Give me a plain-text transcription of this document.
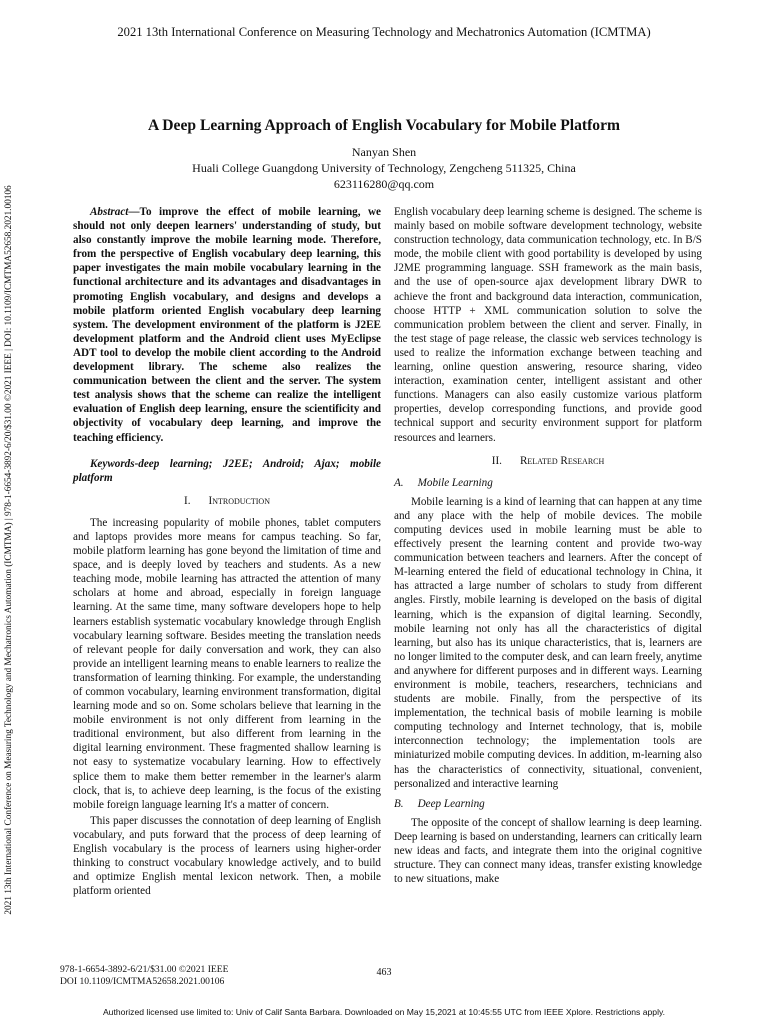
2021 13th International Conference on Measuring Technology and Mechatronics Automation (ICMTMA)
2021 13th International Conference on Measuring Technology and Mechatronics Automation (ICMTMA) | 978-1-6654-3892-6/20/$31.00 ©2021 IEEE | DOI: 10.1109/ICMTMA52658.2021.00106
A Deep Learning Approach of English Vocabulary for Mobile Platform
Nanyan Shen
Huali College Guangdong University of Technology, Zengcheng 511325, China
623116280@qq.com

Abstract—To improve the effect of mobile learning, we should not only deepen learners' understanding of study, but also constantly improve the mobile learning mode. Therefore, from the perspective of English vocabulary deep learning, this paper investigates the main mobile vocabulary learning in the functional architecture and its advantages and disadvantages in promoting English vocabulary, and designs and develops a mobile platform oriented English vocabulary deep learning system. The development environment of the platform is J2EE development platform and the Android client uses MyEclipse ADT tool to develop the mobile client according to the Android development library. The scheme also realizes the communication between the client and the server. The system test analysis shows that the scheme can realize the intelligent evaluation of English deep learning, ensure the scientificity and objectivity of vocabulary deep learning, and improve the teaching efficiency.

Keywords-deep learning; J2EE; Android; Ajax; mobile platform

I. Introduction

The increasing popularity of mobile phones, tablet computers and laptops provides more means for campus teaching. So far, mobile platform learning has gone beyond the limitation of time and space, and is deeply loved by teachers and students. As a new teaching mode, mobile learning has attracted the attention of many scholars at home and abroad, especially in foreign language learning. At the same time, many software developers hope to help learners establish systematic vocabulary knowledge through English vocabulary learning software. Besides meeting the translation needs of relevant people for daily conversation and work, they can also provide an intelligent learning means to enable learners to realize the transformation of learning thinking. For example, the understanding of common vocabulary, learning environment transformation, digital learning mode and so on. Some scholars believe that learning in the mobile environment is not only different from learning in the traditional environment, but also different from learning in the digital learning environment. These fragmented shallow learning is not easy to systematize vocabulary learning. How to effectively splice them to make them better remember in the learner's alarm clock, that is, to achieve deep learning, is the focus of the existing mobile foreign language learning It's a matter of concern.

This paper discusses the connotation of deep learning of English vocabulary, and puts forward that the process of deep learning of English vocabulary is the process of learners using higher-order thinking to construct vocabulary knowledge actively, and to build and optimize English mental lexicon network. Then, a mobile platform oriented

English vocabulary deep learning scheme is designed. The scheme is mainly based on mobile software development technology, website construction technology, data communication technology, etc. In B/S mode, the mobile client with good portability is developed by using J2ME programming language. SSH framework as the main basis, and the use of open-source ajax development library DWR to achieve the front and background data interaction, communication, choose HTTP + XML communication solution to solve the communication problem between the client and server. Finally, in the test stage of page release, the classic web services technology is used to realize the information exchange between teaching and learning, online question answering, resource sharing, video interaction, examination center, intelligent assistant and other functions. Managers can also easily customize various platform properties, develop corresponding functions, and provide good technical support and security environment support for platform resources and learners.

II. Related Research

A. Mobile Learning

Mobile learning is a kind of learning that can happen at any time and any place with the help of mobile devices. The mobile computing devices used in mobile learning must be able to effectively present the learning content and provide two-way communication between teachers and learners. After the concept of M-learning entered the field of educational technology in China, it has attracted a large number of scholars to study from different angles. Firstly, mobile learning is developed on the basis of digital learning, which is the expansion of digital learning. Secondly, mobile learning not only has all the characteristics of digital learning, but also has its unique characteristics, that is, learners are no longer limited to the computer desk, and can learn freely, anytime and anywhere for different purposes and in different ways. Learning environment is mobile, teachers, researchers, technicians and students are mobile. Finally, from the perspective of its implementation, the technical basis of mobile learning is mobile computing technology and Internet technology, that is, mobile interconnection technology; the implementation tools are miniaturized mobile computing devices. In addition, m-learning also has the characteristics of connectivity, situational, convenient, personalized and interactive learning

B. Deep Learning

The opposite of the concept of shallow learning is deep learning. Deep learning is based on understanding, learners can critically learn new ideas and facts, and integrate them into the original cognitive structure. They can connect many ideas, transfer existing knowledge to new situations, make

978-1-6654-3892-6/21/$31.00 ©2021 IEEE
DOI 10.1109/ICMTMA52658.2021.00106
463
Authorized licensed use limited to: Univ of Calif Santa Barbara. Downloaded on May 15,2021 at 10:45:55 UTC from IEEE Xplore. Restrictions apply.
